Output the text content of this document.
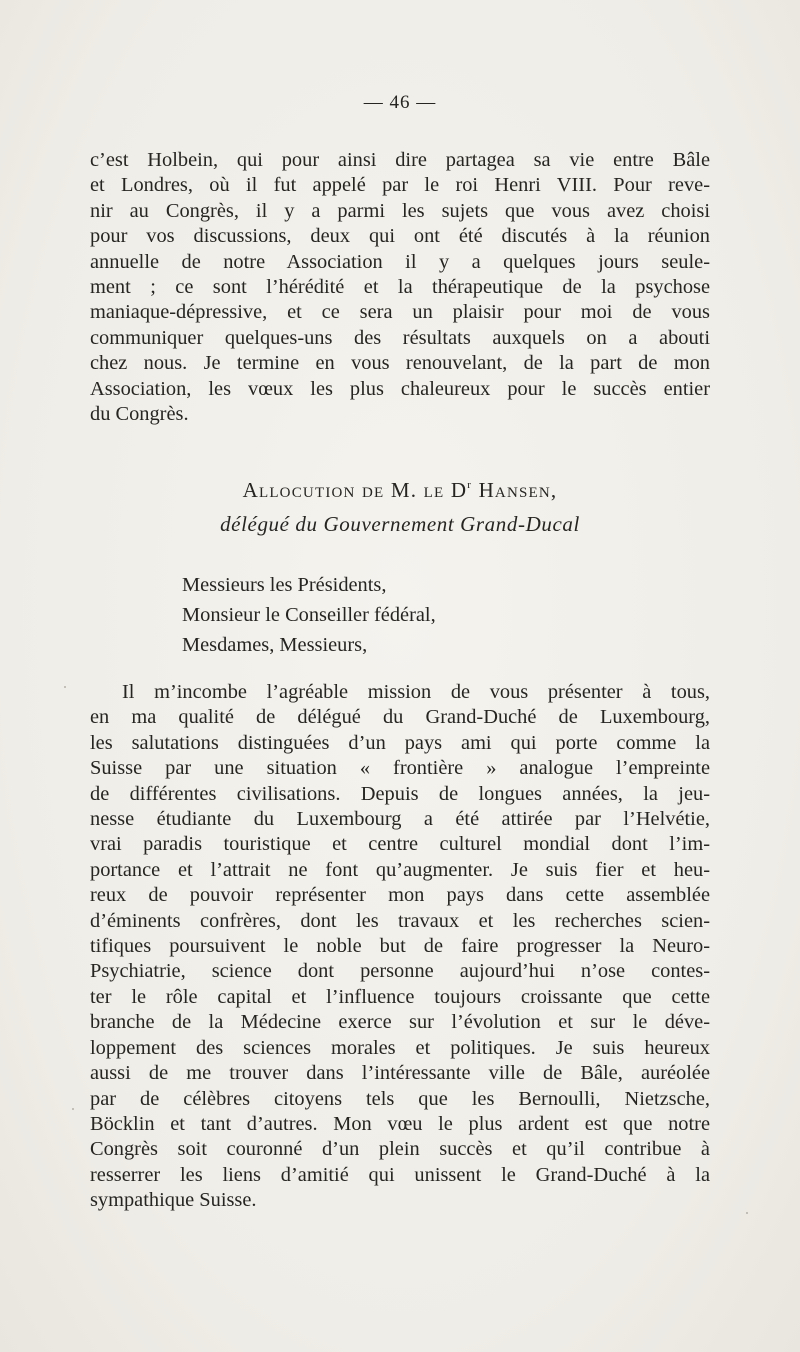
— 46 —

c’est Holbein, qui pour ainsi dire partagea sa vie entre Bâle

et Londres, où il fut appelé par le roi Henri VIII. Pour reve-

nir au Congrès, il y a parmi les sujets que vous avez choisi

pour vos discussions, deux qui ont été discutés à la réunion

annuelle de notre Association il y a quelques jours seule-

ment ; ce sont l’hérédité et la thérapeutique de la psychose

maniaque-dépressive, et ce sera un plaisir pour moi de vous

communiquer quelques-uns des résultats auxquels on a abouti

chez nous. Je termine en vous renouvelant, de la part de mon

Association, les vœux les plus chaleureux pour le succès entier

du Congrès.

Allocution de M. le $D^r$ Hansen,
délégué du Gouvernement Grand-Ducal
Messieurs les Présidents,
Monsieur le Conseiller fédéral,
Mesdames, Messieurs,

Il m’incombe l’agréable mission de vous présenter à tous,

en ma qualité de délégué du Grand-Duché de Luxembourg,

les salutations distinguées d’un pays ami qui porte comme la

Suisse par une situation « frontière » analogue l’empreinte

de différentes civilisations. Depuis de longues années, la jeu-

nesse étudiante du Luxembourg a été attirée par l’Helvétie,

vrai paradis touristique et centre culturel mondial dont l’im-

portance et l’attrait ne font qu’augmenter. Je suis fier et heu-

reux de pouvoir représenter mon pays dans cette assemblée

d’éminents confrères, dont les travaux et les recherches scien-

tifiques poursuivent le noble but de faire progresser la Neuro-

Psychiatrie, science dont personne aujourd’hui n’ose contes-

ter le rôle capital et l’influence toujours croissante que cette

branche de la Médecine exerce sur l’évolution et sur le déve-

loppement des sciences morales et politiques. Je suis heureux

aussi de me trouver dans l’intéressante ville de Bâle, auréolée

par de célèbres citoyens tels que les Bernoulli, Nietzsche,

Böcklin et tant d’autres. Mon vœu le plus ardent est que notre

Congrès soit couronné d’un plein succès et qu’il contribue à

resserrer les liens d’amitié qui unissent le Grand-Duché à la

sympathique Suisse.
